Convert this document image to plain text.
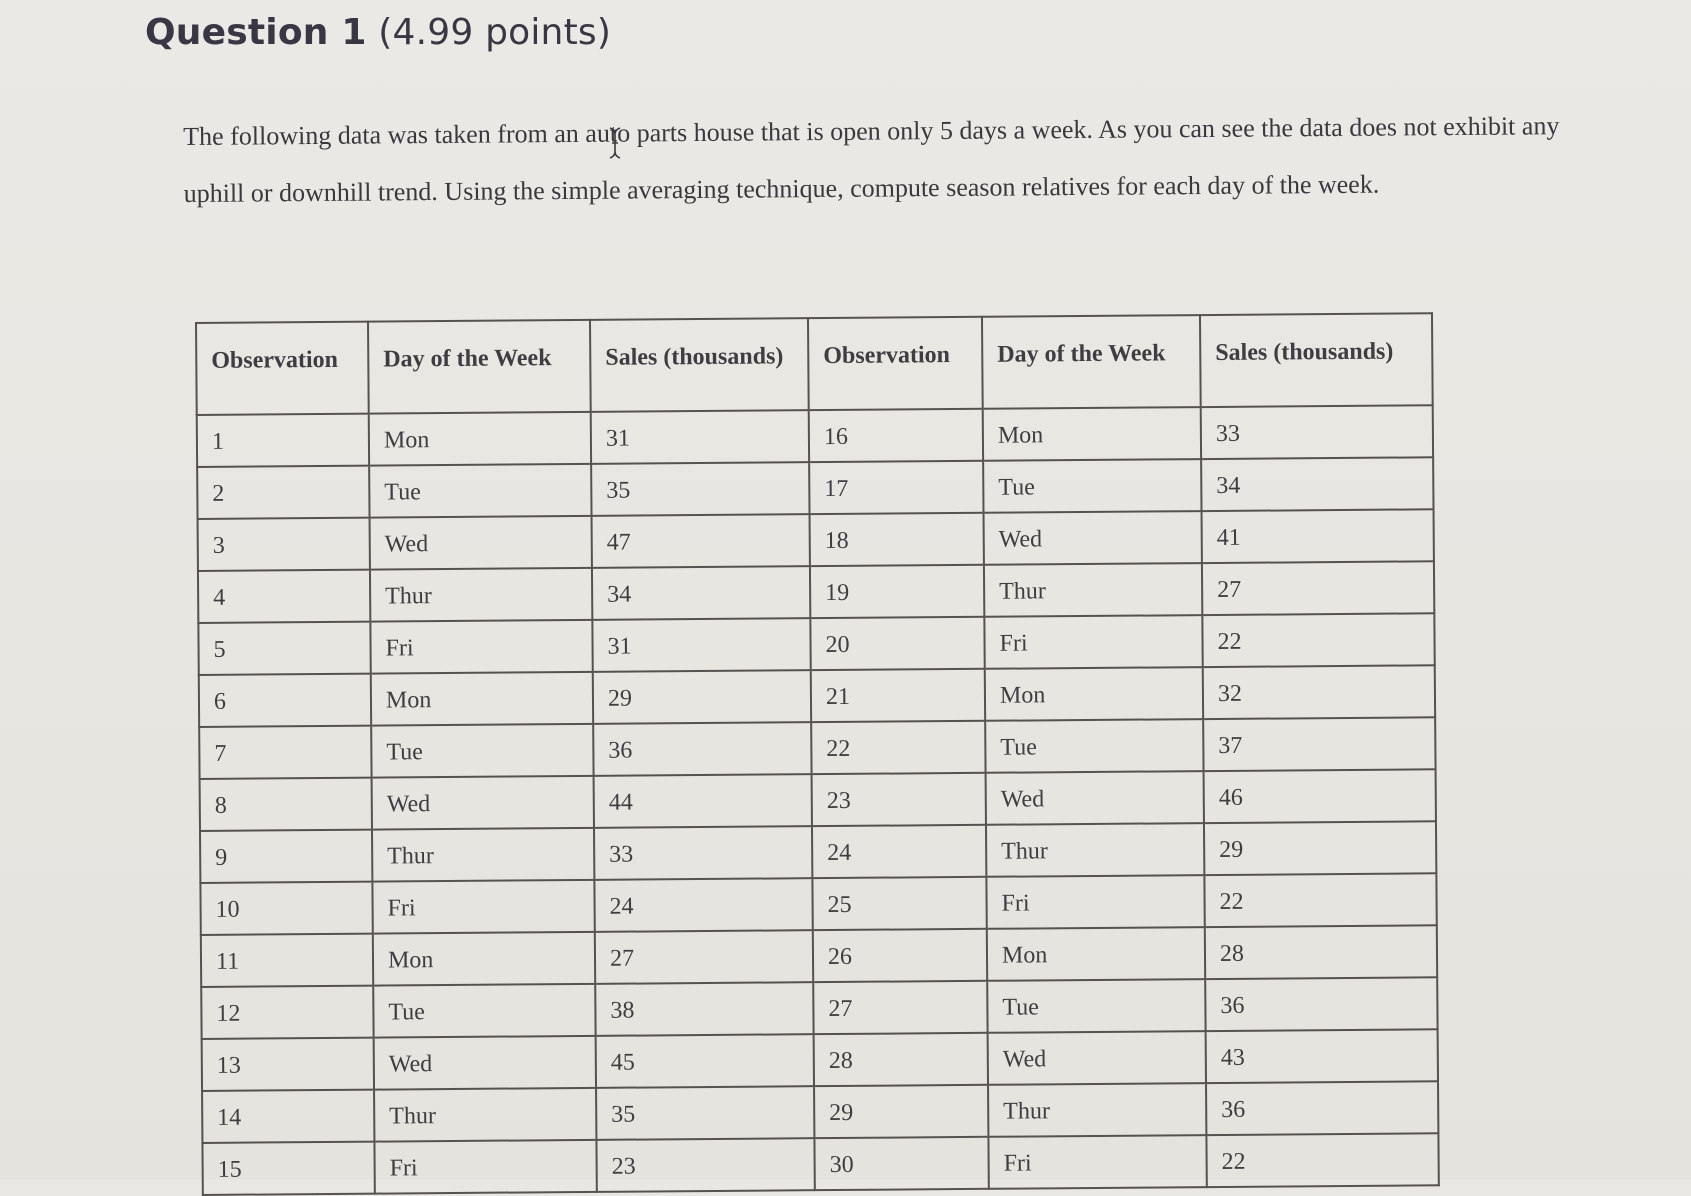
Question 1 (4.99 points)
The following data was taken from an auto parts house that is open only 5 days a week. As you can see the data does not exhibit any uphill or downhill trend. Using the simple averaging technique, compute season relatives for each day of the week.
Observation	Day of the Week	Sales (thousands)	Observation	Day of the Week	Sales (thousands)
1	Mon	31	16	Mon	33
2	Tue	35	17	Tue	34
3	Wed	47	18	Wed	41
4	Thur	34	19	Thur	27
5	Fri	31	20	Fri	22
6	Mon	29	21	Mon	32
7	Tue	36	22	Tue	37
8	Wed	44	23	Wed	46
9	Thur	33	24	Thur	29
10	Fri	24	25	Fri	22
11	Mon	27	26	Mon	28
12	Tue	38	27	Tue	36
13	Wed	45	28	Wed	43
14	Thur	35	29	Thur	36
15	Fri	23	30	Fri	22
